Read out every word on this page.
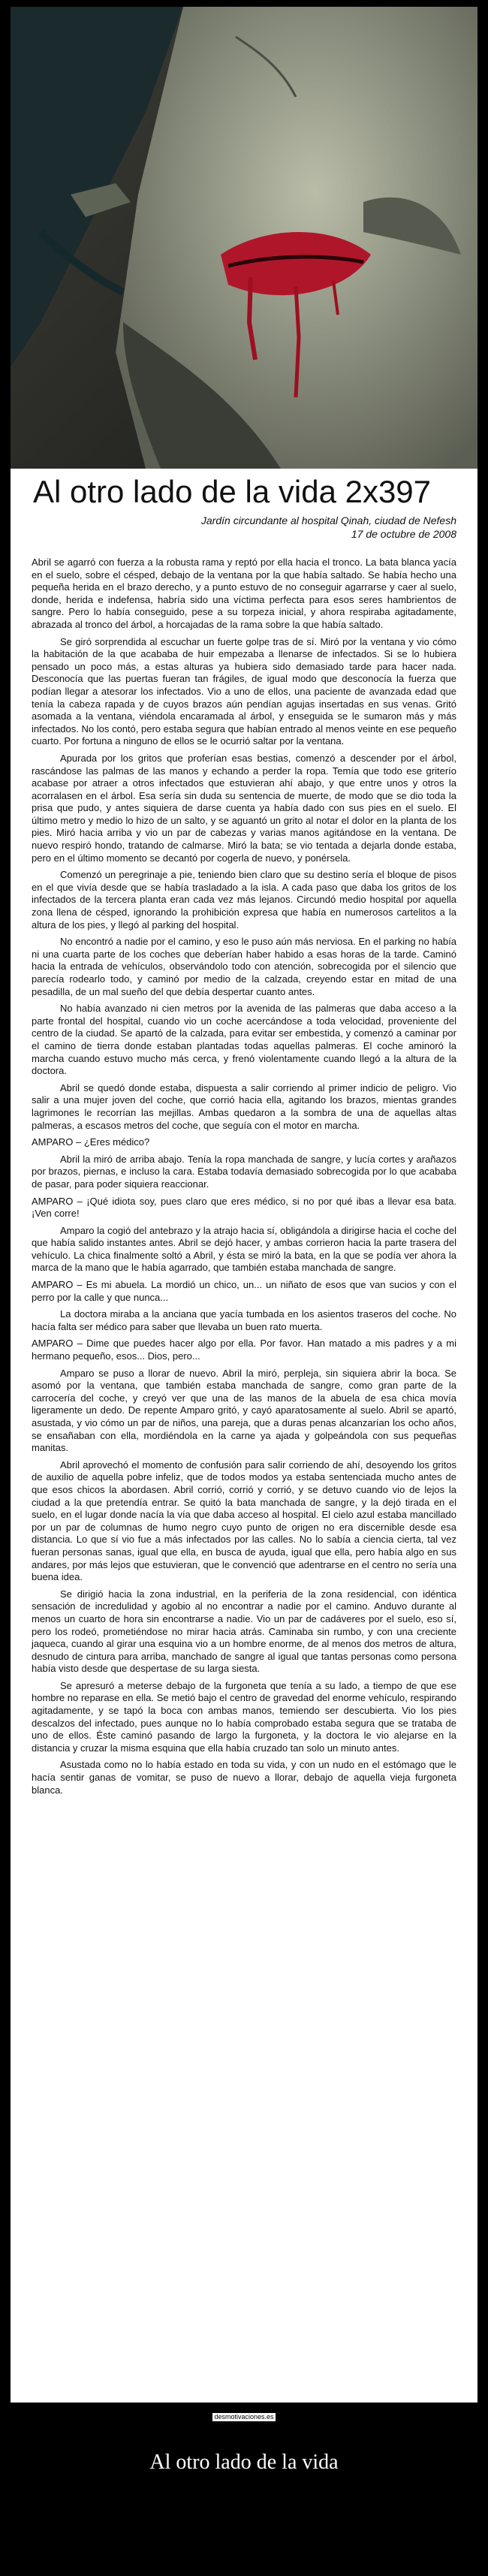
Al otro lado de la vida 2x397
Jardín circundante al hospital Qinah, ciudad de Nefesh
17 de octubre de 2008

Abril se agarró con fuerza a la robusta rama y reptó por ella hacia el tronco. La bata blanca yacía en el suelo, sobre el césped, debajo de la ventana por la que había saltado. Se había hecho una pequeña herida en el brazo derecho, y a punto estuvo de no conseguir agarrarse y caer al suelo, donde, herida e indefensa, habría sido una víctima perfecta para esos seres hambrientos de sangre. Pero lo había conseguido, pese a su torpeza inicial, y ahora respiraba agitadamente, abrazada al tronco del árbol, a horcajadas de la rama sobre la que había saltado.

Se giró sorprendida al escuchar un fuerte golpe tras de sí. Miró por la ventana y vio cómo la habitación de la que acababa de huir empezaba a llenarse de infectados. Si se lo hubiera pensado un poco más, a estas alturas ya hubiera sido demasiado tarde para hacer nada. Desconocía que las puertas fueran tan frágiles, de igual modo que desconocía la fuerza que podían llegar a atesorar los infectados. Vio a uno de ellos, una paciente de avanzada edad que tenía la cabeza rapada y de cuyos brazos aún pendían agujas insertadas en sus venas. Gritó asomada a la ventana, viéndola encaramada al árbol, y enseguida se le sumaron más y más infectados. No los contó, pero estaba segura que habían entrado al menos veinte en ese pequeño cuarto. Por fortuna a ninguno de ellos se le ocurrió saltar por la ventana.

Apurada por los gritos que proferían esas bestias, comenzó a descender por el árbol, rascándose las palmas de las manos y echando a perder la ropa. Temía que todo ese griterío acabase por atraer a otros infectados que estuvieran ahí abajo, y que entre unos y otros la acorralasen en el árbol. Esa sería sin duda su sentencia de muerte, de modo que se dio toda la prisa que pudo, y antes siquiera de darse cuenta ya había dado con sus pies en el suelo. El último metro y medio lo hizo de un salto, y se aguantó un grito al notar el dolor en la planta de los pies. Miró hacia arriba y vio un par de cabezas y varias manos agitándose en la ventana. De nuevo respiró hondo, tratando de calmarse. Miró la bata; se vio tentada a dejarla donde estaba, pero en el último momento se decantó por cogerla de nuevo, y ponérsela.

Comenzó un peregrinaje a pie, teniendo bien claro que su destino sería el bloque de pisos en el que vivía desde que se había trasladado a la isla. A cada paso que daba los gritos de los infectados de la tercera planta eran cada vez más lejanos. Circundó medio hospital por aquella zona llena de césped, ignorando la prohibición expresa que había en numerosos cartelitos a la altura de los pies, y llegó al parking del hospital.

No encontró a nadie por el camino, y eso le puso aún más nerviosa. En el parking no había ni una cuarta parte de los coches que deberían haber habido a esas horas de la tarde. Caminó hacia la entrada de vehículos, observándolo todo con atención, sobrecogida por el silencio que parecía rodearlo todo, y caminó por medio de la calzada, creyendo estar en mitad de una pesadilla, de un mal sueño del que debía despertar cuanto antes.

No había avanzado ni cien metros por la avenida de las palmeras que daba acceso a la parte frontal del hospital, cuando vio un coche acercándose a toda velocidad, proveniente del centro de la ciudad. Se apartó de la calzada, para evitar ser embestida, y comenzó a caminar por el camino de tierra donde estaban plantadas todas aquellas palmeras. El coche aminoró la marcha cuando estuvo mucho más cerca, y frenó violentamente cuando llegó a la altura de la doctora.

Abril se quedó donde estaba, dispuesta a salir corriendo al primer indicio de peligro. Vio salir a una mujer joven del coche, que corrió hacia ella, agitando los brazos, mientas grandes lagrimones le recorrían las mejillas. Ambas quedaron a la sombra de una de aquellas altas palmeras, a escasos metros del coche, que seguía con el motor en marcha.

AMPARO – ¿Eres médico?

Abril la miró de arriba abajo. Tenía la ropa manchada de sangre, y lucía cortes y arañazos por brazos, piernas, e incluso la cara. Estaba todavía demasiado sobrecogida por lo que acababa de pasar, para poder siquiera reaccionar.

AMPARO – ¡Qué idiota soy, pues claro que eres médico, si no por qué ibas a llevar esa bata. ¡Ven corre!

Amparo la cogió del antebrazo y la atrajo hacia sí, obligándola a dirigirse hacia el coche del que había salido instantes antes. Abril se dejó hacer, y ambas corrieron hacia la parte trasera del vehículo. La chica finalmente soltó a Abril, y ésta se miró la bata, en la que se podía ver ahora la marca de la mano que le había agarrado, que también estaba manchada de sangre.

AMPARO – Es mi abuela. La mordió un chico, un... un niñato de esos que van sucios y con el perro por la calle y que nunca...

La doctora miraba a la anciana que yacía tumbada en los asientos traseros del coche. No hacía falta ser médico para saber que llevaba un buen rato muerta.

AMPARO – Dime que puedes hacer algo por ella. Por favor. Han matado a mis padres y a mi hermano pequeño, esos... Dios, pero...

Amparo se puso a llorar de nuevo. Abril la miró, perpleja, sin siquiera abrir la boca. Se asomó por la ventana, que también estaba manchada de sangre, como gran parte de la carrocería del coche, y creyó ver que una de las manos de la abuela de esa chica movía ligeramente un dedo. De repente Amparo gritó, y cayó aparatosamente al suelo. Abril se apartó, asustada, y vio cómo un par de niños, una pareja, que a duras penas alcanzarían los ocho años, se ensañaban con ella, mordiéndola en la carne ya ajada y golpeándola con sus pequeñas manitas.

Abril aprovechó el momento de confusión para salir corriendo de ahí, desoyendo los gritos de auxilio de aquella pobre infeliz, que de todos modos ya estaba sentenciada mucho antes de que esos chicos la abordasen. Abril corrió, corrió y corrió, y se detuvo cuando vio de lejos la ciudad a la que pretendía entrar. Se quitó la bata manchada de sangre, y la dejó tirada en el suelo, en el lugar donde nacía la vía que daba acceso al hospital. El cielo azul estaba mancillado por un par de columnas de humo negro cuyo punto de origen no era discernible desde esa distancia. Lo que sí vio fue a más infectados por las calles. No lo sabía a ciencia cierta, tal vez fueran personas sanas, igual que ella, en busca de ayuda, igual que ella, pero había algo en sus andares, por más lejos que estuvieran, que le convenció que adentrarse en el centro no sería una buena idea.

Se dirigió hacia la zona industrial, en la periferia de la zona residencial, con idéntica sensación de incredulidad y agobio al no encontrar a nadie por el camino. Anduvo durante al menos un cuarto de hora sin encontrarse a nadie. Vio un par de cadáveres por el suelo, eso sí, pero los rodeó, prometiéndose no mirar hacia atrás. Caminaba sin rumbo, y con una creciente jaqueca, cuando al girar una esquina vio a un hombre enorme, de al menos dos metros de altura, desnudo de cintura para arriba, manchado de sangre al igual que tantas personas como persona había visto desde que despertase de su larga siesta.

Se apresuró a meterse debajo de la furgoneta que tenía a su lado, a tiempo de que ese hombre no reparase en ella. Se metió bajo el centro de gravedad del enorme vehículo, respirando agitadamente, y se tapó la boca con ambas manos, temiendo ser descubierta. Vio los pies descalzos del infectado, pues aunque no lo había comprobado estaba segura que se trataba de uno de ellos. Éste caminó pasando de largo la furgoneta, y la doctora le vio alejarse en la distancia y cruzar la misma esquina que ella había cruzado tan solo un minuto antes.

Asustada como no lo había estado en toda su vida, y con un nudo en el estómago que le hacía sentir ganas de vomitar, se puso de nuevo a llorar, debajo de aquella vieja furgoneta blanca.

desmotivaciones.es
Al otro lado de la vida
